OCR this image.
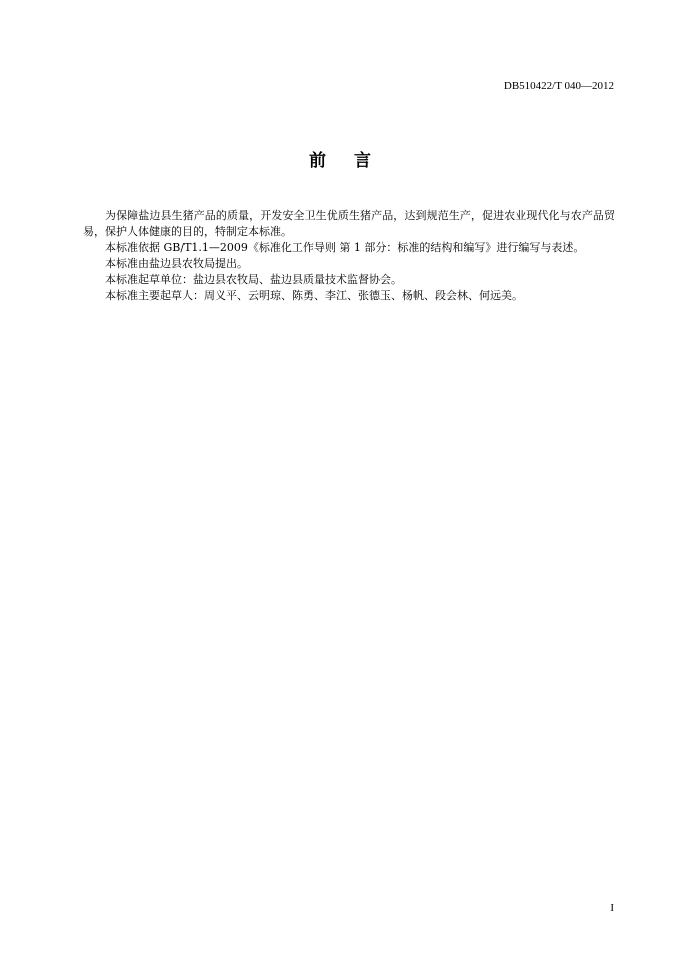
DB510422/T 040—2012
前言

为保障盐边县生猪产品的质量，开发安全卫生优质生猪产品，达到规范生产，促进农业现代化与农产品贸易，保护人体健康的目的，特制定本标准。

本标准依据 GB/T1.1—2009《标准化工作导则 第 1 部分：标准的结构和编写》进行编写与表述。

本标准由盐边县农牧局提出。

本标准起草单位：盐边县农牧局、盐边县质量技术监督协会。

本标准主要起草人：周义平、云明琼、陈勇、李江、张德玉、杨帆、段会林、何远美。

I
